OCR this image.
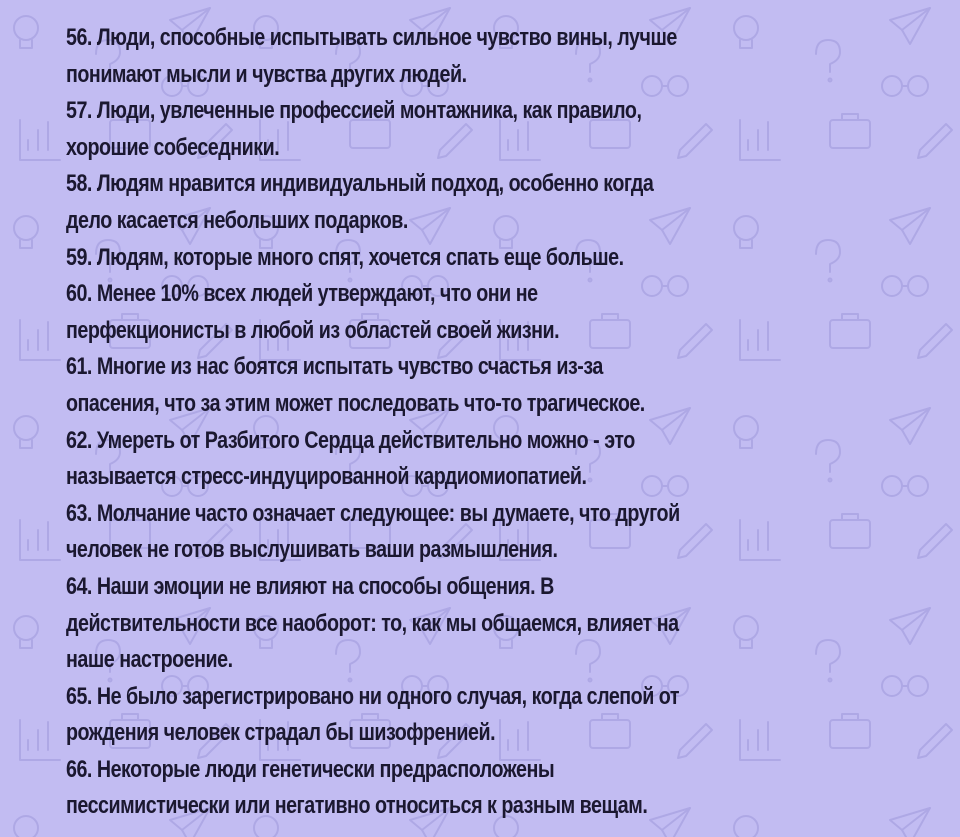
56. Люди, способные испытывать сильное чувство вины, лучше
понимают мысли и чувства других людей.

57. Люди, увлеченные профессией монтажника, как правило,
хорошие собеседники.

58. Людям нравится индивидуальный подход, особенно когда
дело касается небольших подарков.

59. Людям, которые много спят, хочется спать еще больше.

60. Менее 10% всех людей утверждают, что они не
перфекционисты в любой из областей своей жизни.

61. Многие из нас боятся испытать чувство счастья из-за
опасения, что за этим может последовать что-то трагическое.

62. Умереть от Разбитого Сердца действительно можно - это
называется стресс-индуцированной кардиомиопатией.

63. Молчание часто означает следующее: вы думаете, что другой
человек не готов выслушивать ваши размышления.

64. Наши эмоции не влияют на способы общения. В
действительности все наоборот: то, как мы общаемся, влияет на
наше настроение.

65. Не было зарегистрировано ни одного случая, когда слепой от
рождения человек страдал бы шизофренией.

66. Некоторые люди генетически предрасположены
пессимистически или негативно относиться к разным вещам.
